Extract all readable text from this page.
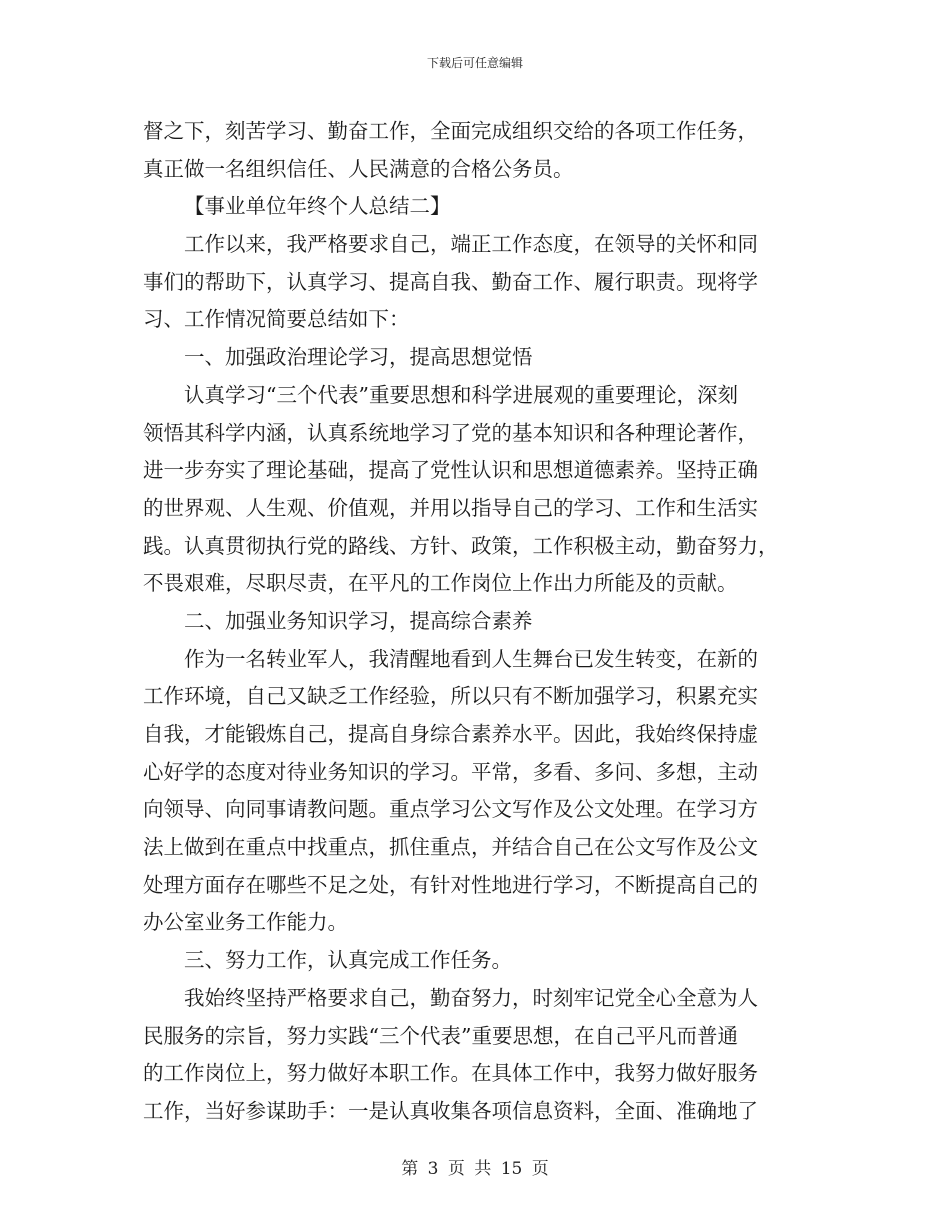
下载后可任意编辑
督之下，刻苦学习、勤奋工作，全面完成组织交给的各项工作任务，
真正做一名组织信任、人民满意的合格公务员。
【事业单位年终个人总结二】
工作以来，我严格要求自己，端正工作态度，在领导的关怀和同
事们的帮助下，认真学习、提高自我、勤奋工作、履行职责。现将学
习、工作情况简要总结如下：
一、加强政治理论学习，提高思想觉悟
认真学习“三个代表”重要思想和科学进展观的重要理论，深刻
领悟其科学内涵，认真系统地学习了党的基本知识和各种理论著作，
进一步夯实了理论基础，提高了党性认识和思想道德素养。坚持正确
的世界观、人生观、价值观，并用以指导自己的学习、工作和生活实
践。认真贯彻执行党的路线、方针、政策，工作积极主动，勤奋努力，
不畏艰难，尽职尽责，在平凡的工作岗位上作出力所能及的贡献。
二、加强业务知识学习，提高综合素养
作为一名转业军人，我清醒地看到人生舞台已发生转变，在新的
工作环境，自己又缺乏工作经验，所以只有不断加强学习，积累充实
自我，才能锻炼自己，提高自身综合素养水平。因此，我始终保持虚
心好学的态度对待业务知识的学习。平常，多看、多问、多想，主动
向领导、向同事请教问题。重点学习公文写作及公文处理。在学习方
法上做到在重点中找重点，抓住重点，并结合自己在公文写作及公文
处理方面存在哪些不足之处，有针对性地进行学习，不断提高自己的
办公室业务工作能力。
三、努力工作，认真完成工作任务。
我始终坚持严格要求自己，勤奋努力，时刻牢记党全心全意为人
民服务的宗旨，努力实践“三个代表”重要思想，在自己平凡而普通
的工作岗位上，努力做好本职工作。在具体工作中，我努力做好服务
工作，当好参谋助手：一是认真收集各项信息资料，全面、准确地了
第 3 页 共 15 页
